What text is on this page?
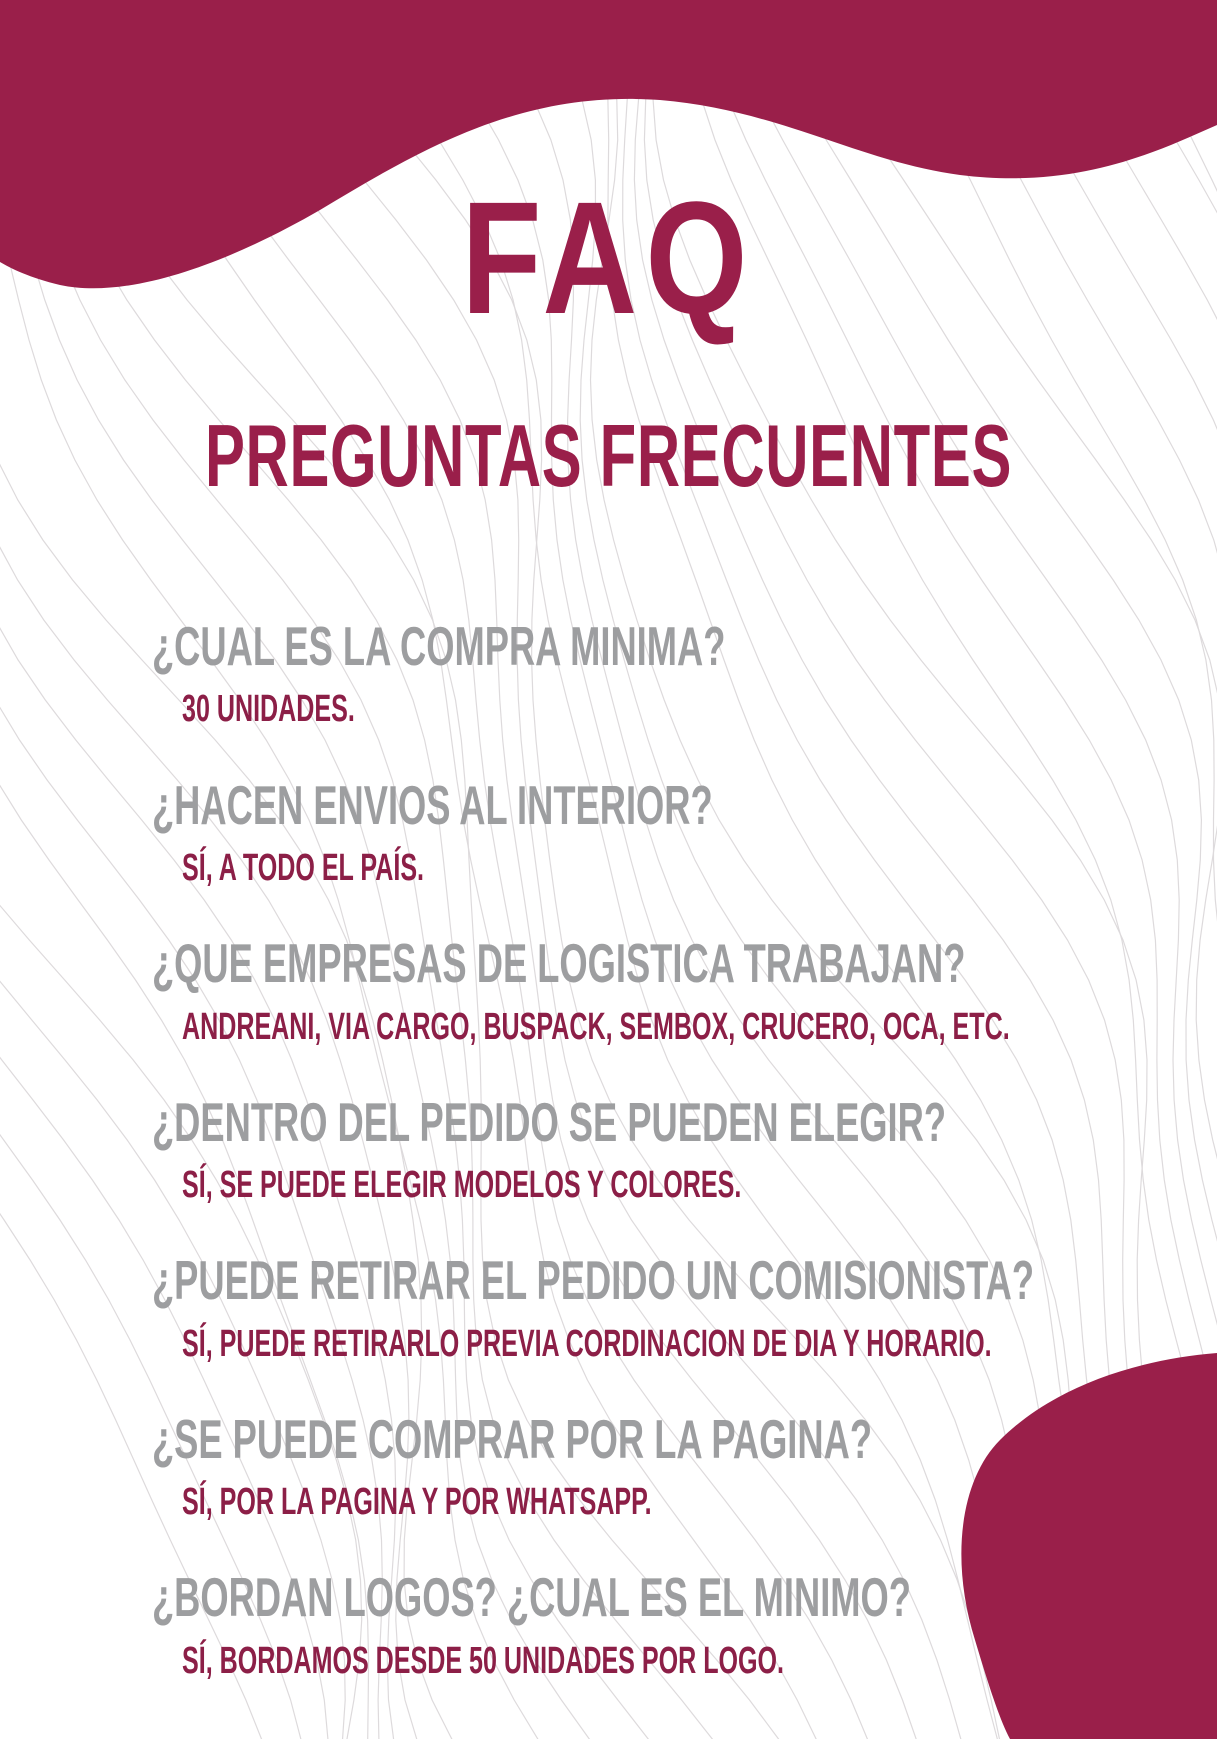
FAQ
PREGUNTAS FRECUENTES
¿CUAL ES LA COMPRA MINIMA?
30 UNIDADES.
¿HACEN ENVIOS AL INTERIOR?
SÍ, A TODO EL PAÍS.
¿QUE EMPRESAS DE LOGISTICA TRABAJAN?
ANDREANI, VIA CARGO, BUSPACK, SEMBOX, CRUCERO, OCA, ETC.
¿DENTRO DEL PEDIDO SE PUEDEN ELEGIR?
SÍ, SE PUEDE ELEGIR MODELOS Y COLORES.
¿PUEDE RETIRAR EL PEDIDO UN COMISIONISTA?
SÍ, PUEDE RETIRARLO PREVIA CORDINACION DE DIA Y HORARIO.
¿SE PUEDE COMPRAR POR LA PAGINA?
SÍ, POR LA PAGINA Y POR WHATSAPP.
¿BORDAN LOGOS? ¿CUAL ES EL MINIMO?
SÍ, BORDAMOS DESDE 50 UNIDADES POR LOGO.
